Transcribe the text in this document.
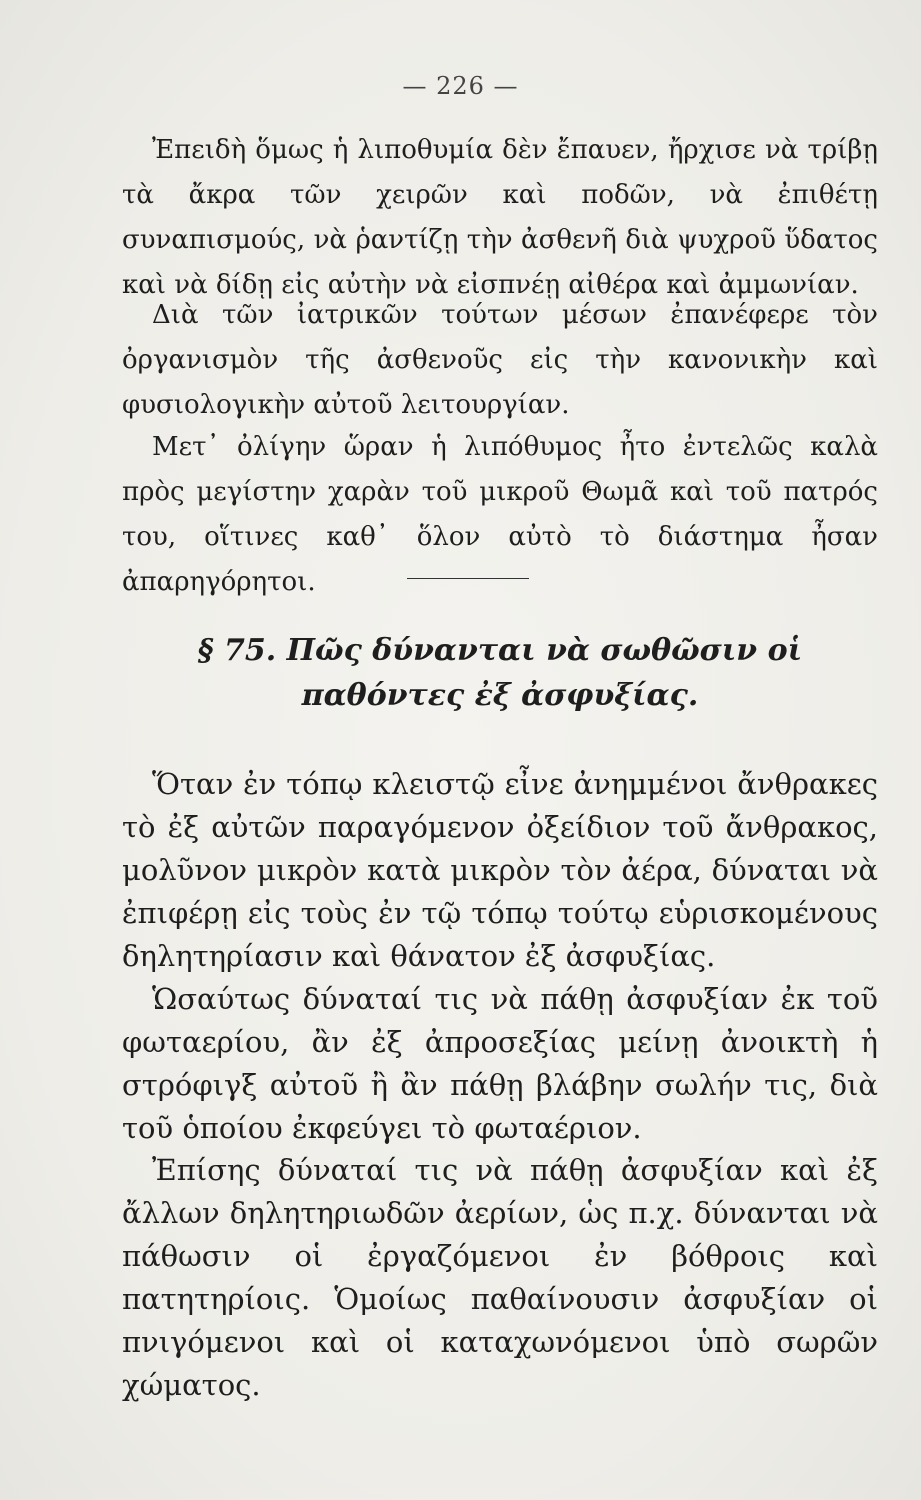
— 226 —

Ἐπειδὴ ὅμως ἡ λιποθυμία δὲν ἔπαυεν, ἤρχισε νὰ τρίβῃ τὰ ἄκρα τῶν χειρῶν καὶ ποδῶν, νὰ ἐπιθέτῃ συναπισμούς, νὰ ῥαντίζῃ τὴν ἀσθενῆ διὰ ψυχροῦ ὕδατος καὶ νὰ δίδῃ εἰς αὐτὴν νὰ εἰσπνέῃ αἰθέρα καὶ ἀμμωνίαν.

Διὰ τῶν ἰατρικῶν τούτων μέσων ἐπανέφερε τὸν ὀργανισμὸν τῆς ἀσθενοῦς εἰς τὴν κανονικὴν καὶ φυσιολογικὴν αὐτοῦ λειτουργίαν.

Μετ᾿ ὀλίγην ὥραν ἡ λιπόθυμος ἦτο ἐντελῶς καλὰ πρὸς μεγίστην χαρὰν τοῦ μικροῦ Θωμᾶ καὶ τοῦ πατρός του, οἵτινες καθ᾿ ὅλον αὐτὸ τὸ διάστημα ἦσαν ἀπαρηγόρητοι.

§ 75. Πῶς δύνανται νὰ σωθῶσιν οἱ παθόντες ἐξ ἀσφυξίας.

Ὅταν ἐν τόπῳ κλειστῷ εἶνε ἀνημμένοι ἄνθρακες τὸ ἐξ αὐτῶν παραγόμενον ὀξείδιον τοῦ ἄνθρακος, μολῦνον μικρὸν κατὰ μικρὸν τὸν ἀέρα, δύναται νὰ ἐπιφέρῃ εἰς τοὺς ἐν τῷ τόπῳ τούτῳ εὑρισκομένους δηλητηρίασιν καὶ θάνατον ἐξ ἀσφυξίας.

Ὡσαύτως δύναταί τις νὰ πάθῃ ἀσφυξίαν ἐκ τοῦ φωταερίου, ἂν ἐξ ἀπροσεξίας μείνῃ ἀνοικτὴ ἡ στρόφιγξ αὐτοῦ ἢ ἂν πάθῃ βλάβην σωλήν τις, διὰ τοῦ ὁποίου ἐκφεύγει τὸ φωταέριον.

Ἐπίσης δύναταί τις νὰ πάθῃ ἀσφυξίαν καὶ ἐξ ἄλλων δηλητηριωδῶν ἀερίων, ὡς π.χ. δύνανται νὰ πάθωσιν οἱ ἐργαζόμενοι ἐν βόθροις καὶ πατητηρίοις. Ὁμοίως παθαίνουσιν ἀσφυξίαν οἱ πνιγόμενοι καὶ οἱ καταχωνόμενοι ὑπὸ σωρῶν χώματος.
